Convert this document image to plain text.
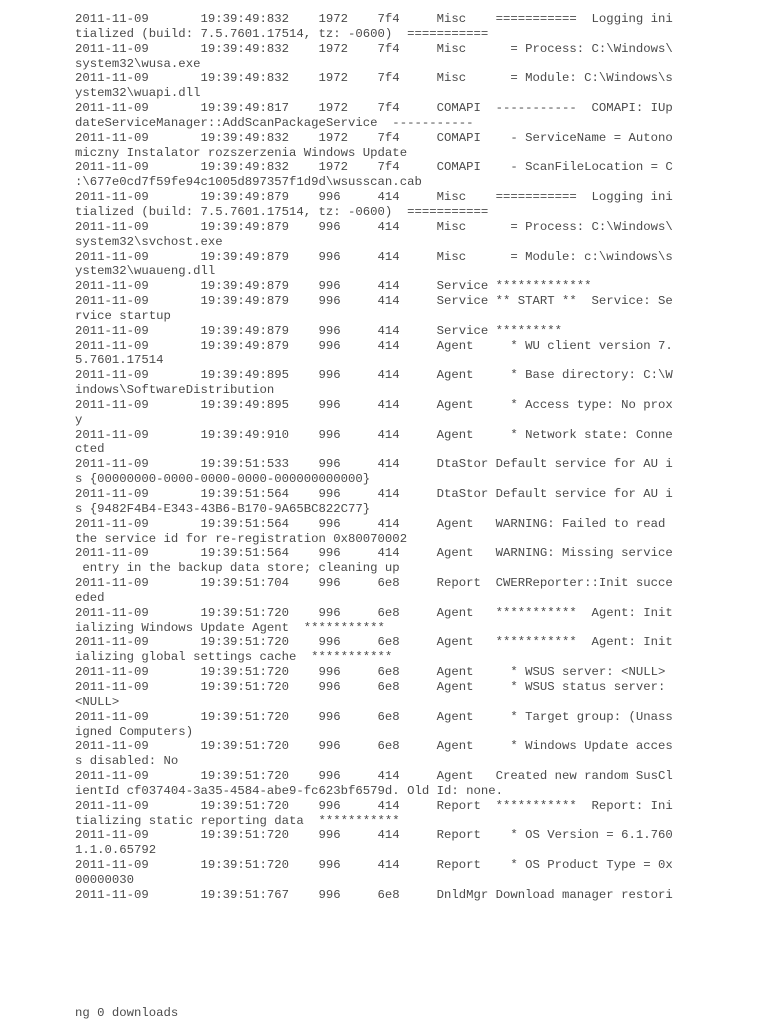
2011-11-09       19:39:49:832    1972    7f4     Misc    ===========  Logging ini
tialized (build: 7.5.7601.17514, tz: -0600)  ===========
2011-11-09       19:39:49:832    1972    7f4     Misc      = Process: C:\Windows\
system32\wusa.exe
2011-11-09       19:39:49:832    1972    7f4     Misc      = Module: C:\Windows\s
ystem32\wuapi.dll
2011-11-09       19:39:49:817    1972    7f4     COMAPI  -----------  COMAPI: IUp
dateServiceManager::AddScanPackageService  -----------
2011-11-09       19:39:49:832    1972    7f4     COMAPI    - ServiceName = Autono
miczny Instalator rozszerzenia Windows Update
2011-11-09       19:39:49:832    1972    7f4     COMAPI    - ScanFileLocation = C
:\677e0cd7f59fe94c1005d897357f1d9d\wsusscan.cab
2011-11-09       19:39:49:879    996     414     Misc    ===========  Logging ini
tialized (build: 7.5.7601.17514, tz: -0600)  ===========
2011-11-09       19:39:49:879    996     414     Misc      = Process: C:\Windows\
system32\svchost.exe
2011-11-09       19:39:49:879    996     414     Misc      = Module: c:\windows\s
ystem32\wuaueng.dll
2011-11-09       19:39:49:879    996     414     Service *************
2011-11-09       19:39:49:879    996     414     Service ** START **  Service: Se
rvice startup
2011-11-09       19:39:49:879    996     414     Service *********
2011-11-09       19:39:49:879    996     414     Agent     * WU client version 7.
5.7601.17514
2011-11-09       19:39:49:895    996     414     Agent     * Base directory: C:\W
indows\SoftwareDistribution
2011-11-09       19:39:49:895    996     414     Agent     * Access type: No prox
y
2011-11-09       19:39:49:910    996     414     Agent     * Network state: Conne
cted
2011-11-09       19:39:51:533    996     414     DtaStor Default service for AU i
s {00000000-0000-0000-0000-000000000000}
2011-11-09       19:39:51:564    996     414     DtaStor Default service for AU i
s {9482F4B4-E343-43B6-B170-9A65BC822C77}
2011-11-09       19:39:51:564    996     414     Agent   WARNING: Failed to read
the service id for re-registration 0x80070002
2011-11-09       19:39:51:564    996     414     Agent   WARNING: Missing service
entry in the backup data store; cleaning up
2011-11-09       19:39:51:704    996     6e8     Report  CWERReporter::Init succe
eded
2011-11-09       19:39:51:720    996     6e8     Agent   ***********  Agent: Init
ializing Windows Update Agent  ***********
2011-11-09       19:39:51:720    996     6e8     Agent   ***********  Agent: Init
ializing global settings cache  ***********
2011-11-09       19:39:51:720    996     6e8     Agent     * WSUS server: <NULL>
2011-11-09       19:39:51:720    996     6e8     Agent     * WSUS status server:
<NULL>
2011-11-09       19:39:51:720    996     6e8     Agent     * Target group: (Unass
igned Computers)
2011-11-09       19:39:51:720    996     6e8     Agent     * Windows Update acces
s disabled: No
2011-11-09       19:39:51:720    996     414     Agent   Created new random SusCl
ientId cf037404-3a35-4584-abe9-fc623bf6579d. Old Id: none.
2011-11-09       19:39:51:720    996     414     Report  ***********  Report: Ini
tializing static reporting data  ***********
2011-11-09       19:39:51:720    996     414     Report    * OS Version = 6.1.760
1.1.0.65792
2011-11-09       19:39:51:720    996     414     Report    * OS Product Type = 0x
00000030
2011-11-09       19:39:51:767    996     6e8     DnldMgr Download manager restori

ng 0 downloads
